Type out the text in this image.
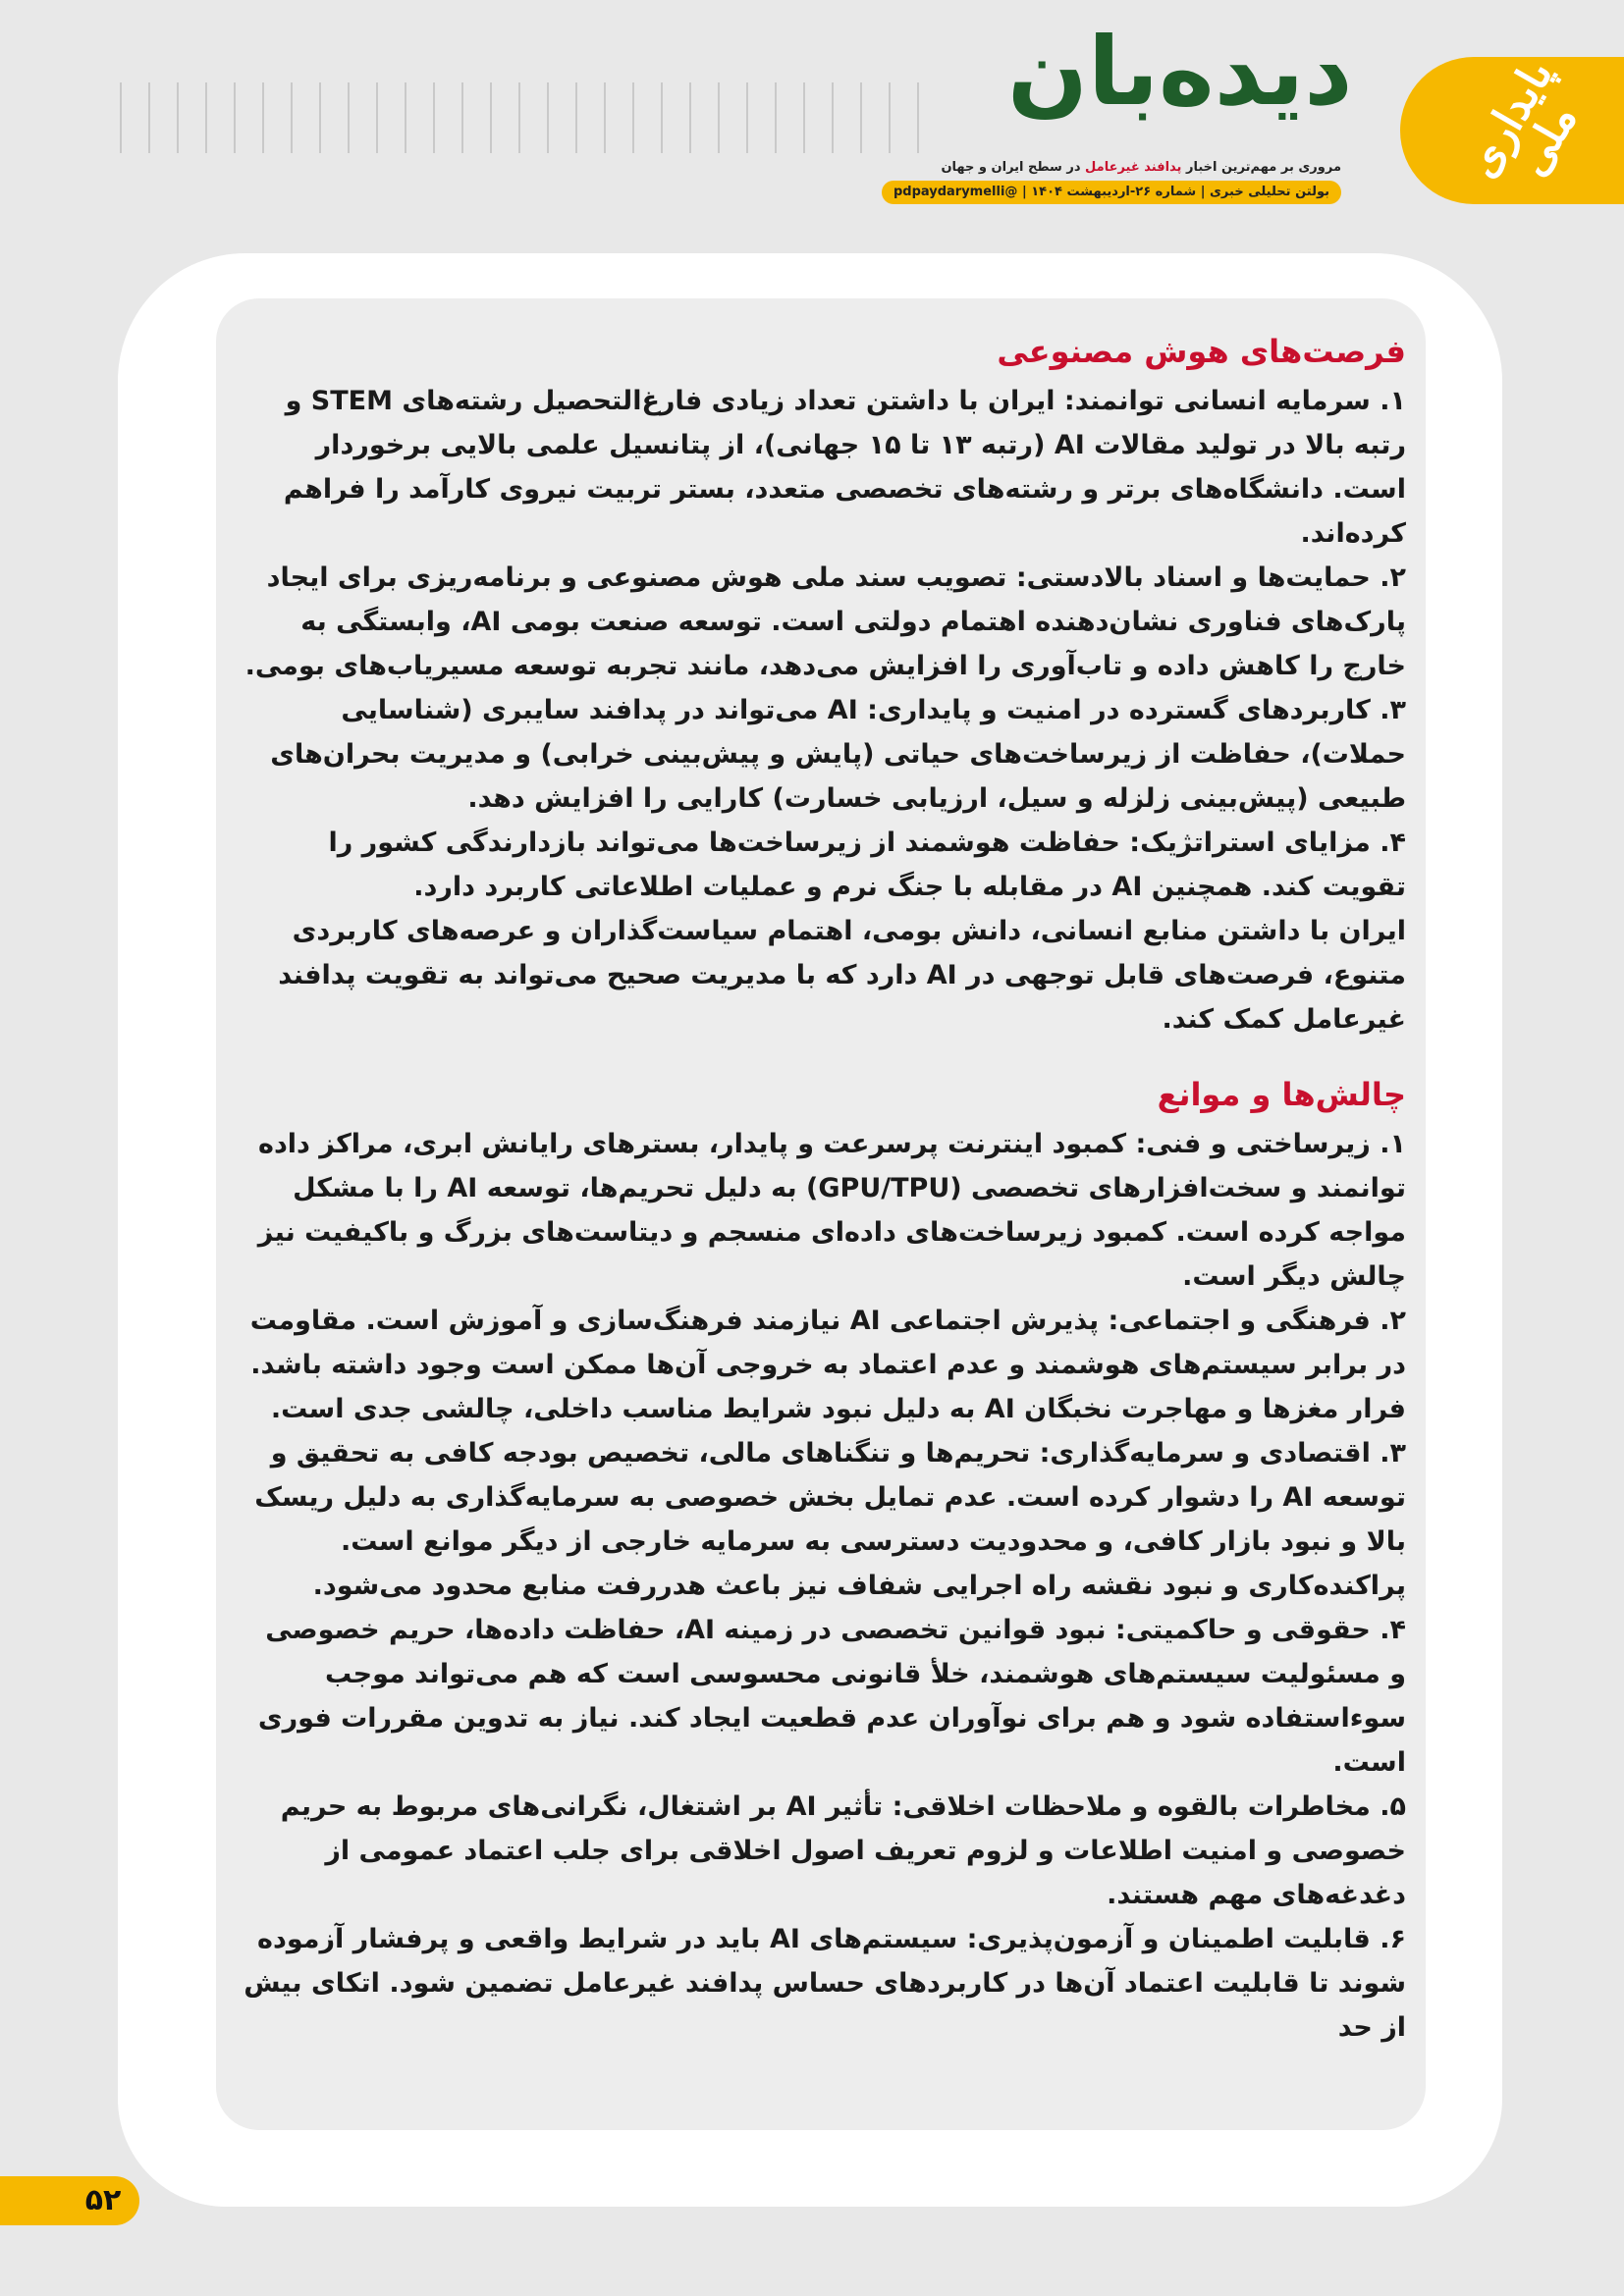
پایداری ملی
دیده‌بان
مروری بر مهم‌ترین اخبار پدافند غیرعامل در سطح ایران و جهان
بولتن تحلیلی خبری | شماره ۲۶-اردیبهشت ۱۴۰۴ | @pdpaydarymelli
فرصت‌های هوش مصنوعی

۱. سرمایه انسانی توانمند: ایران با داشتن تعداد زیادی فارغ‌التحصیل رشته‌های STEM و رتبه بالا در تولید مقالات AI (رتبه ۱۳ تا ۱۵ جهانی)، از پتانسیل علمی بالایی برخوردار است. دانشگاه‌های برتر و رشته‌های تخصصی متعدد، بستر تربیت نیروی کارآمد را فراهم کرده‌اند.

۲. حمایت‌ها و اسناد بالادستی: تصویب سند ملی هوش مصنوعی و برنامه‌ریزی برای ایجاد پارک‌های فناوری نشان‌دهنده اهتمام دولتی است. توسعه صنعت بومی AI، وابستگی به خارج را کاهش داده و تاب‌آوری را افزایش می‌دهد، مانند تجربه توسعه مسیریاب‌های بومی.

۳. کاربردهای گسترده در امنیت و پایداری: AI می‌تواند در پدافند سایبری (شناسایی حملات)، حفاظت از زیرساخت‌های حیاتی (پایش و پیش‌بینی خرابی) و مدیریت بحران‌های طبیعی (پیش‌بینی زلزله و سیل، ارزیابی خسارت) کارایی را افزایش دهد.

۴. مزایای استراتژیک: حفاظت هوشمند از زیرساخت‌ها می‌تواند بازدارندگی کشور را تقویت کند. همچنین AI در مقابله با جنگ نرم و عملیات اطلاعاتی کاربرد دارد.

ایران با داشتن منابع انسانی، دانش بومی، اهتمام سیاست‌گذاران و عرصه‌های کاربردی متنوع، فرصت‌های قابل توجهی در AI دارد که با مدیریت صحیح می‌تواند به تقویت پدافند غیرعامل کمک کند.

چالش‌ها و موانع

۱. زیرساختی و فنی: کمبود اینترنت پرسرعت و پایدار، بسترهای رایانش ابری، مراکز داده توانمند و سخت‌افزارهای تخصصی (GPU/TPU) به دلیل تحریم‌ها، توسعه AI را با مشکل مواجه کرده است. کمبود زیرساخت‌های داده‌ای منسجم و دیتاست‌های بزرگ و باکیفیت نیز چالش دیگر است.

۲. فرهنگی و اجتماعی: پذیرش اجتماعی AI نیازمند فرهنگ‌سازی و آموزش است. مقاومت در برابر سیستم‌های هوشمند و عدم اعتماد به خروجی آن‌ها ممکن است وجود داشته باشد. فرار مغزها و مهاجرت نخبگان AI به دلیل نبود شرایط مناسب داخلی، چالشی جدی است.

۳. اقتصادی و سرمایه‌گذاری: تحریم‌ها و تنگناهای مالی، تخصیص بودجه کافی به تحقیق و توسعه AI را دشوار کرده است. عدم تمایل بخش خصوصی به سرمایه‌گذاری به دلیل ریسک بالا و نبود بازار کافی، و محدودیت دسترسی به سرمایه خارجی از دیگر موانع است. پراکنده‌کاری و نبود نقشه راه اجرایی شفاف نیز باعث هدررفت منابع محدود می‌شود.

۴. حقوقی و حاکمیتی: نبود قوانین تخصصی در زمینه AI، حفاظت داده‌ها، حریم خصوصی و مسئولیت سیستم‌های هوشمند، خلأ قانونی محسوسی است که هم می‌تواند موجب سوءاستفاده شود و هم برای نوآوران عدم قطعیت ایجاد کند. نیاز به تدوین مقررات فوری است.

۵. مخاطرات بالقوه و ملاحظات اخلاقی: تأثیر AI بر اشتغال، نگرانی‌های مربوط به حریم خصوصی و امنیت اطلاعات و لزوم تعریف اصول اخلاقی برای جلب اعتماد عمومی از دغدغه‌های مهم هستند.

۶. قابلیت اطمینان و آزمون‌پذیری: سیستم‌های AI باید در شرایط واقعی و پرفشار آزموده شوند تا قابلیت اعتماد آن‌ها در کاربردهای حساس پدافند غیرعامل تضمین شود. اتکای بیش از حد

۵۲
